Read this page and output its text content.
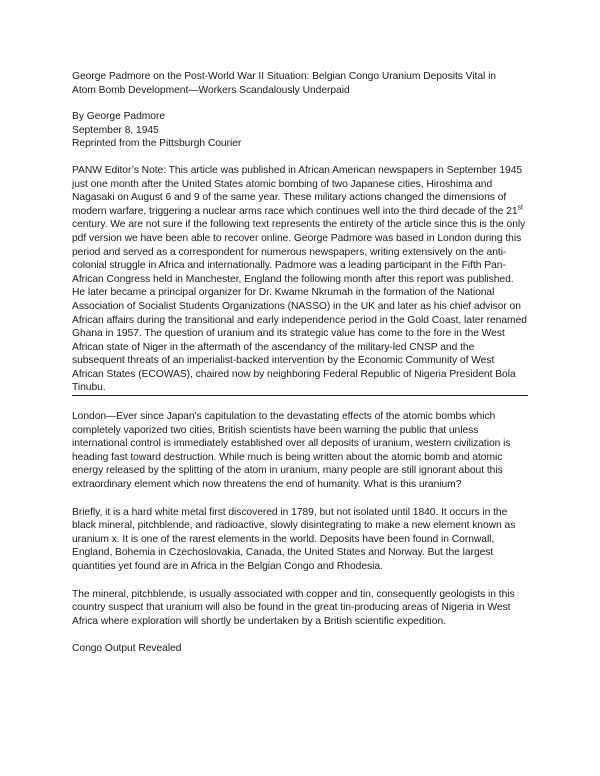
George Padmore on the Post-World War II Situation: Belgian Congo Uranium Deposits Vital in
Atom Bomb Development—Workers Scandalously Underpaid
By George Padmore
September 8, 1945
Reprinted from the Pittsburgh Courier
PANW Editor’s Note: This article was published in African American newspapers in September 1945 just one month after the United States atomic bombing of two Japanese cities, Hiroshima and Nagasaki on August 6 and 9 of the same year. These military actions changed the dimensions of modern warfare, triggering a nuclear arms race which continues well into the third decade of the 21st century. We are not sure if the following text represents the entirety of the article since this is the only pdf version we have been able to recover online. George Padmore was based in London during this period and served as a correspondent for numerous newspapers, writing extensively on the anti-colonial struggle in Africa and internationally. Padmore was a leading participant in the Fifth Pan-African Congress held in Manchester, England the following month after this report was published. He later became a principal organizer for Dr. Kwame Nkrumah in the formation of the National Association of Socialist Students Organizations (NASSO) in the UK and later as his chief advisor on African affairs during the transitional and early independence period in the Gold Coast, later renamed Ghana in 1957. The question of uranium and its strategic value has come to the fore in the West African state of Niger in the aftermath of the ascendancy of the military-led CNSP and the subsequent threats of an imperialist-backed intervention by the Economic Community of West African States (ECOWAS), chaired now by neighboring Federal Republic of Nigeria President Bola Tinubu.

London—Ever since Japan’s capitulation to the devastating effects of the atomic bombs which completely vaporized two cities, British scientists have been warning the public that unless international control is immediately established over all deposits of uranium, western civilization is heading fast toward destruction. While much is being written about the atomic bomb and atomic energy released by the splitting of the atom in uranium, many people are still ignorant about this extraordinary element which now threatens the end of humanity. What is this uranium?

Briefly, it is a hard white metal first discovered in 1789, but not isolated until 1840. It occurs in the black mineral, pitchblende, and radioactive, slowly disintegrating to make a new element known as uranium x. It is one of the rarest elements in the world. Deposits have been found in Cornwall, England, Bohemia in Czechoslovakia, Canada, the United States and Norway. But the largest quantities yet found are in Africa in the Belgian Congo and Rhodesia.

The mineral, pitchblende, is usually associated with copper and tin, consequently geologists in this country suspect that uranium will also be found in the great tin-producing areas of Nigeria in West Africa where exploration will shortly be undertaken by a British scientific expedition.

Congo Output Revealed
